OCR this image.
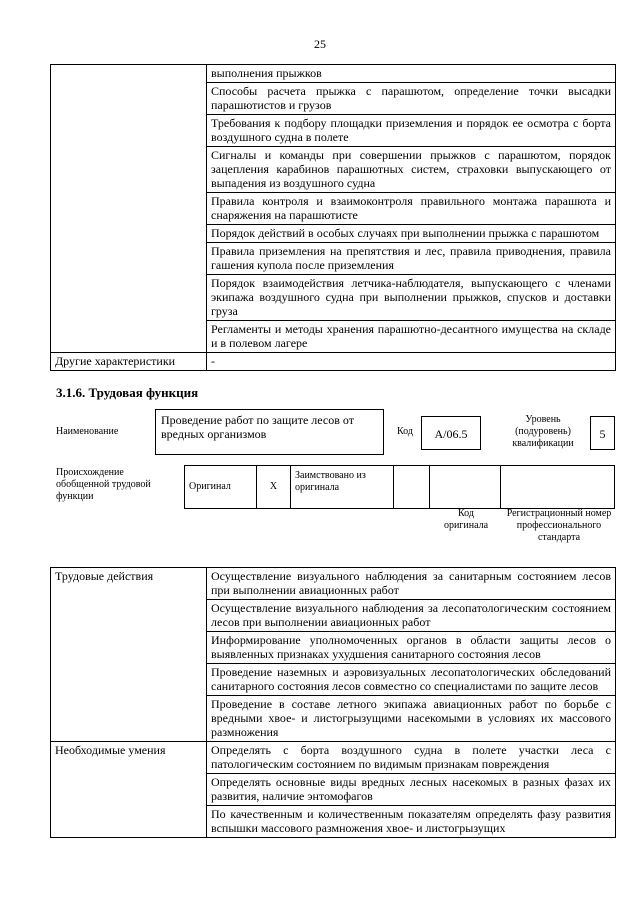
25
	выполнения прыжков
	Способы расчета прыжка с парашютом, определение точки высадки парашютистов и грузов
	Требования к подбору площадки приземления и порядок ее осмотра с борта воздушного судна в полете
	Сигналы и команды при совершении прыжков с парашютом, порядок зацепления карабинов парашютных систем, страховки выпускающего от выпадения из воздушного судна
	Правила контроля и взаимоконтроля правильного монтажа парашюта и снаряжения на парашютисте
	Порядок действий в особых случаях при выполнении прыжка с парашютом
	Правила приземления на препятствия и лес, правила приводнения, правила гашения купола после приземления
	Порядок взаимодействия летчика-наблюдателя, выпускающего с членами экипажа воздушного судна при выполнении прыжков, спусков и доставки груза
	Регламенты и методы хранения парашютно-десантного имущества на складе и в полевом лагере
Другие характеристики	-
3.1.6. Трудовая функция
Наименование
Проведение работ по защите лесов от вредных организмов	Код	A/06.5
Уровень (подуровень) квалификации
5
Происхождение обобщенной трудовой функции
Оригинал	X	Заимствовано из оригинала			
Код оригинала
Регистрационный номер профессионального стандарта
Трудовые действия	Осуществление визуального наблюдения за санитарным состоянием лесов при выполнении авиационных работ
	Осуществление визуального наблюдения за лесопатологическим состоянием лесов при выполнении авиационных работ
	Информирование уполномоченных органов в области защиты лесов о выявленных признаках ухудшения санитарного состояния лесов
	Проведение наземных и аэровизуальных лесопатологических обследований санитарного состояния лесов совместно со специалистами по защите лесов
	Проведение в составе летного экипажа авиационных работ по борьбе с вредными хвое- и листогрызущими насекомыми в условиях их массового размножения
Необходимые умения	Определять с борта воздушного судна в полете участки леса с патологическим состоянием по видимым признакам повреждения
	Определять основные виды вредных лесных насекомых в разных фазах их развития, наличие энтомофагов
	По качественным и количественным показателям определять фазу развития вспышки массового размножения хвое- и листогрызущих
